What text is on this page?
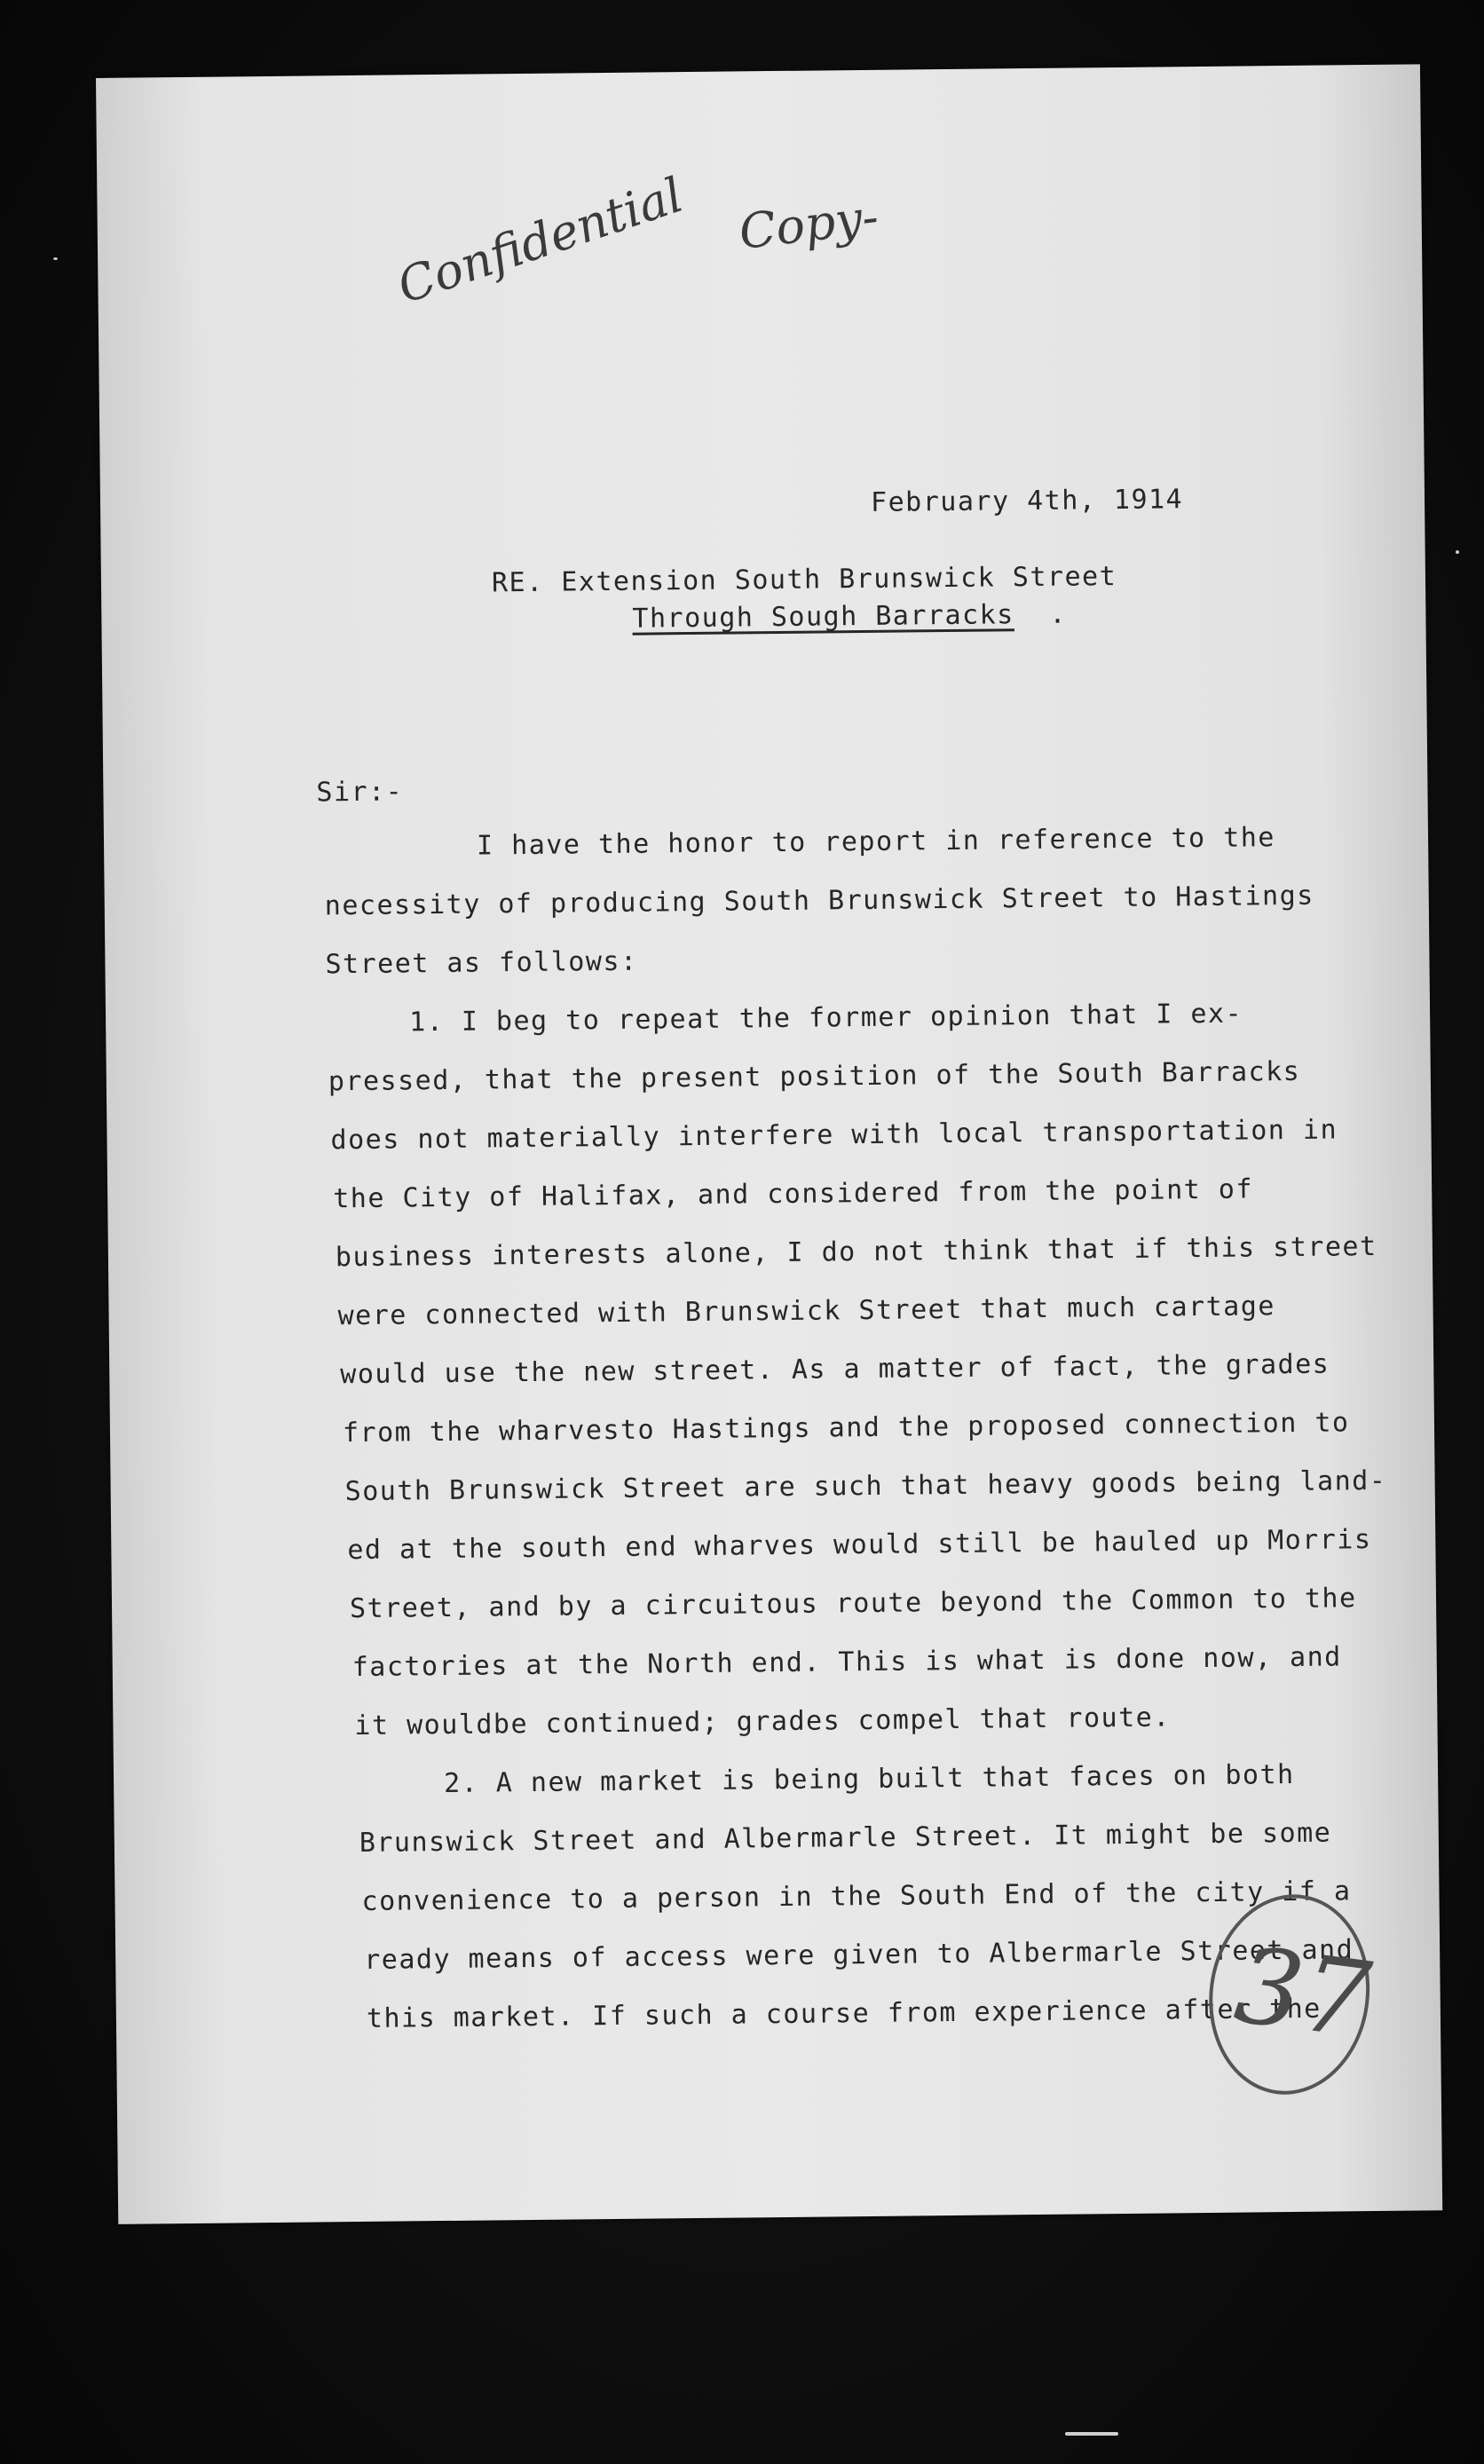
Confidential Copy-
February 4th, 1914
RE. Extension South Brunswick Street
Through Sough Barracks .
Sir:-
I have the honor to report in reference to the
necessity of producing South Brunswick Street to Hastings
Street as follows:
1. I beg to repeat the former opinion that I ex-
pressed, that the present position of the South Barracks
does not materially interfere with local transportation in
the City of Halifax, and considered from the point of
business interests alone, I do not think that if this street
were connected with Brunswick Street that much cartage
would use the new street. As a matter of fact, the grades
from the wharvesto Hastings and the proposed connection to
South Brunswick Street are such that heavy goods being land-
ed at the south end wharves would still be hauled up Morris
Street, and by a circuitous route beyond the Common to the
factories at the North end. This is what is done now, and
it wouldbe continued; grades compel that route.
2. A new market is being built that faces on both
Brunswick Street and Albermarle Street. It might be some
convenience to a person in the South End of the city if a
ready means of access were given to Albermarle Street and
this market. If such a course from experience after the
37
